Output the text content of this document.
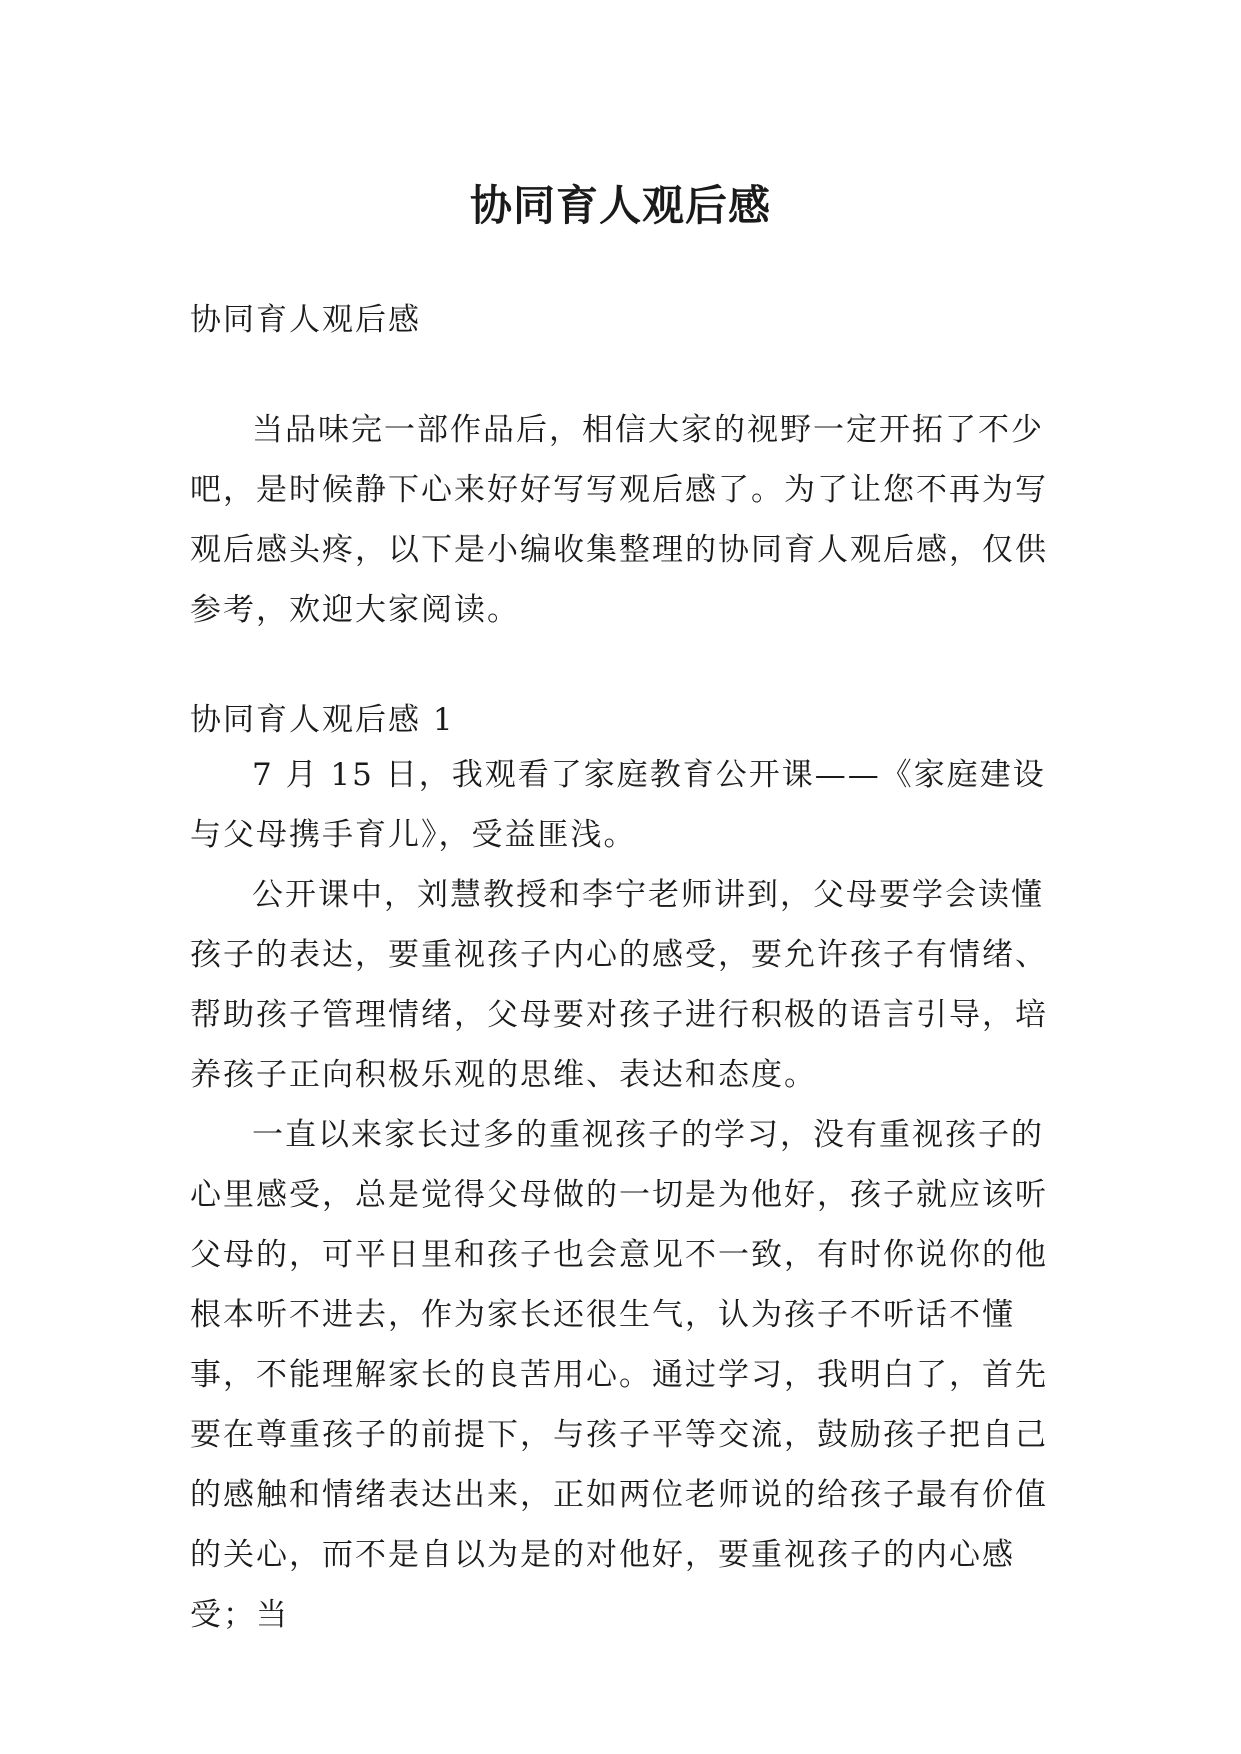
协同育人观后感

协同育人观后感

当品味完一部作品后，相信大家的视野一定开拓了不少吧，是时候静下心来好好写写观后感了。为了让您不再为写观后感头疼，以下是小编收集整理的协同育人观后感，仅供参考，欢迎大家阅读。

协同育人观后感 1

7 月 15 日，我观看了家庭教育公开课——《家庭建设与父母携手育儿》，受益匪浅。

公开课中，刘慧教授和李宁老师讲到，父母要学会读懂孩子的表达，要重视孩子内心的感受，要允许孩子有情绪、帮助孩子管理情绪，父母要对孩子进行积极的语言引导，培养孩子正向积极乐观的思维、表达和态度。

一直以来家长过多的重视孩子的学习，没有重视孩子的心里感受，总是觉得父母做的一切是为他好，孩子就应该听父母的，可平日里和孩子也会意见不一致，有时你说你的他根本听不进去，作为家长还很生气，认为孩子不听话不懂事，不能理解家长的良苦用心。通过学习，我明白了，首先要在尊重孩子的前提下，与孩子平等交流，鼓励孩子把自己的感触和情绪表达出来，正如两位老师说的给孩子最有价值的关心，而不是自以为是的对他好，要重视孩子的内心感受；当
